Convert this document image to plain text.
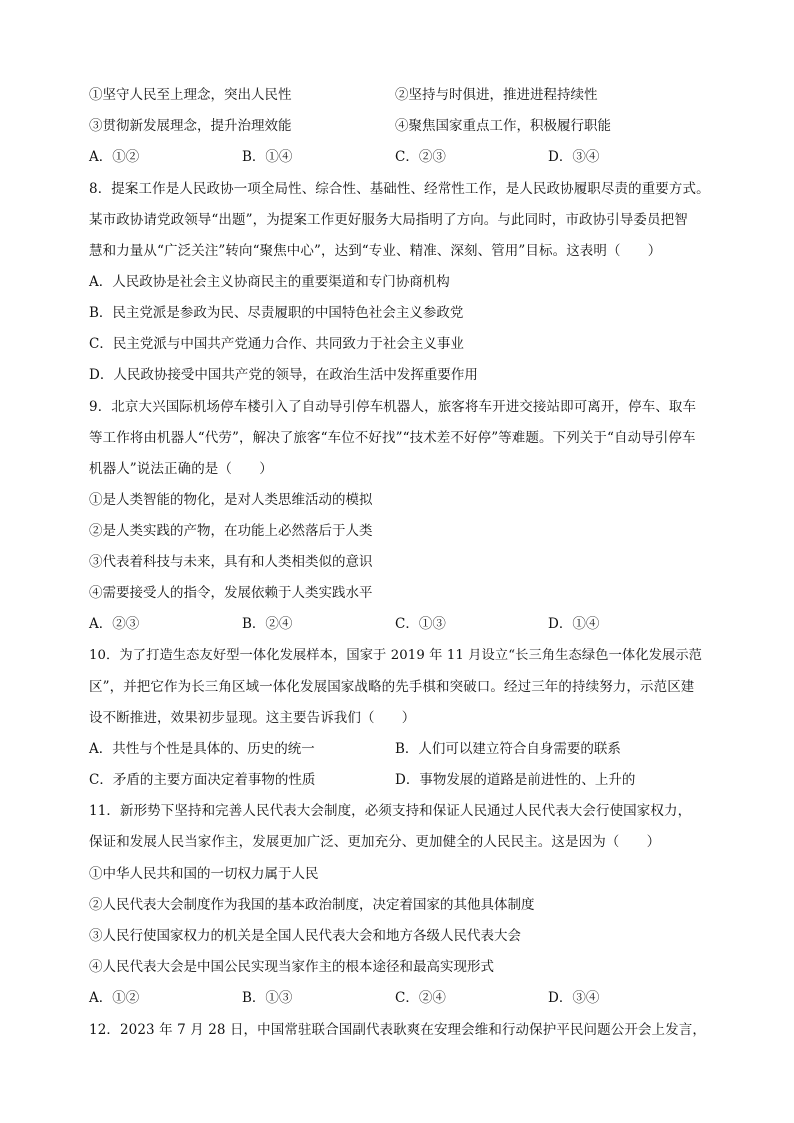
①坚守人民至上理念，突出人民性	②坚持与时俱进，推进进程持续性
③贯彻新发展理念，提升治理效能	④聚焦国家重点工作，积极履行职能
A．①②	B．①④	C．②③	D．③④
8．提案工作是人民政协一项全局性、综合性、基础性、经常性工作，是人民政协履职尽责的重要方式。
某市政协请党政领导“出题”，为提案工作更好服务大局指明了方向。与此同时，市政协引导委员把智
慧和力量从“广泛关注”转向“聚焦中心”，达到“专业、精准、深刻、管用”目标。这表明（　　）
A．人民政协是社会主义协商民主的重要渠道和专门协商机构
B．民主党派是参政为民、尽责履职的中国特色社会主义参政党
C．民主党派与中国共产党通力合作、共同致力于社会主义事业
D．人民政协接受中国共产党的领导，在政治生活中发挥重要作用
9．北京大兴国际机场停车楼引入了自动导引停车机器人，旅客将车开进交接站即可离开，停车、取车
等工作将由机器人“代劳”，解决了旅客“车位不好找”“技术差不好停”等难题。下列关于“自动导引停车
机器人”说法正确的是（　　）
①是人类智能的物化，是对人类思维活动的模拟
②是人类实践的产物，在功能上必然落后于人类
③代表着科技与未来，具有和人类相类似的意识
④需要接受人的指令，发展依赖于人类实践水平
A．②③	B．②④	C．①③	D．①④
10．为了打造生态友好型一体化发展样本，国家于 2019 年 11 月设立“长三角生态绿色一体化发展示范
区”，并把它作为长三角区域一体化发展国家战略的先手棋和突破口。经过三年的持续努力，示范区建
设不断推进，效果初步显现。这主要告诉我们（　　）
A．共性与个性是具体的、历史的统一	B．人们可以建立符合自身需要的联系
C．矛盾的主要方面决定着事物的性质	D．事物发展的道路是前进性的、上升的
11．新形势下坚持和完善人民代表大会制度，必须支持和保证人民通过人民代表大会行使国家权力，
保证和发展人民当家作主，发展更加广泛、更加充分、更加健全的人民民主。这是因为（　　）
①中华人民共和国的一切权力属于人民
②人民代表大会制度作为我国的基本政治制度，决定着国家的其他具体制度
③人民行使国家权力的机关是全国人民代表大会和地方各级人民代表大会
④人民代表大会是中国公民实现当家作主的根本途径和最高实现形式
A．①②	B．①③	C．②④	D．③④
12．2023 年 7 月 28 日，中国常驻联合国副代表耿爽在安理会维和行动保护平民问题公开会上发言，
